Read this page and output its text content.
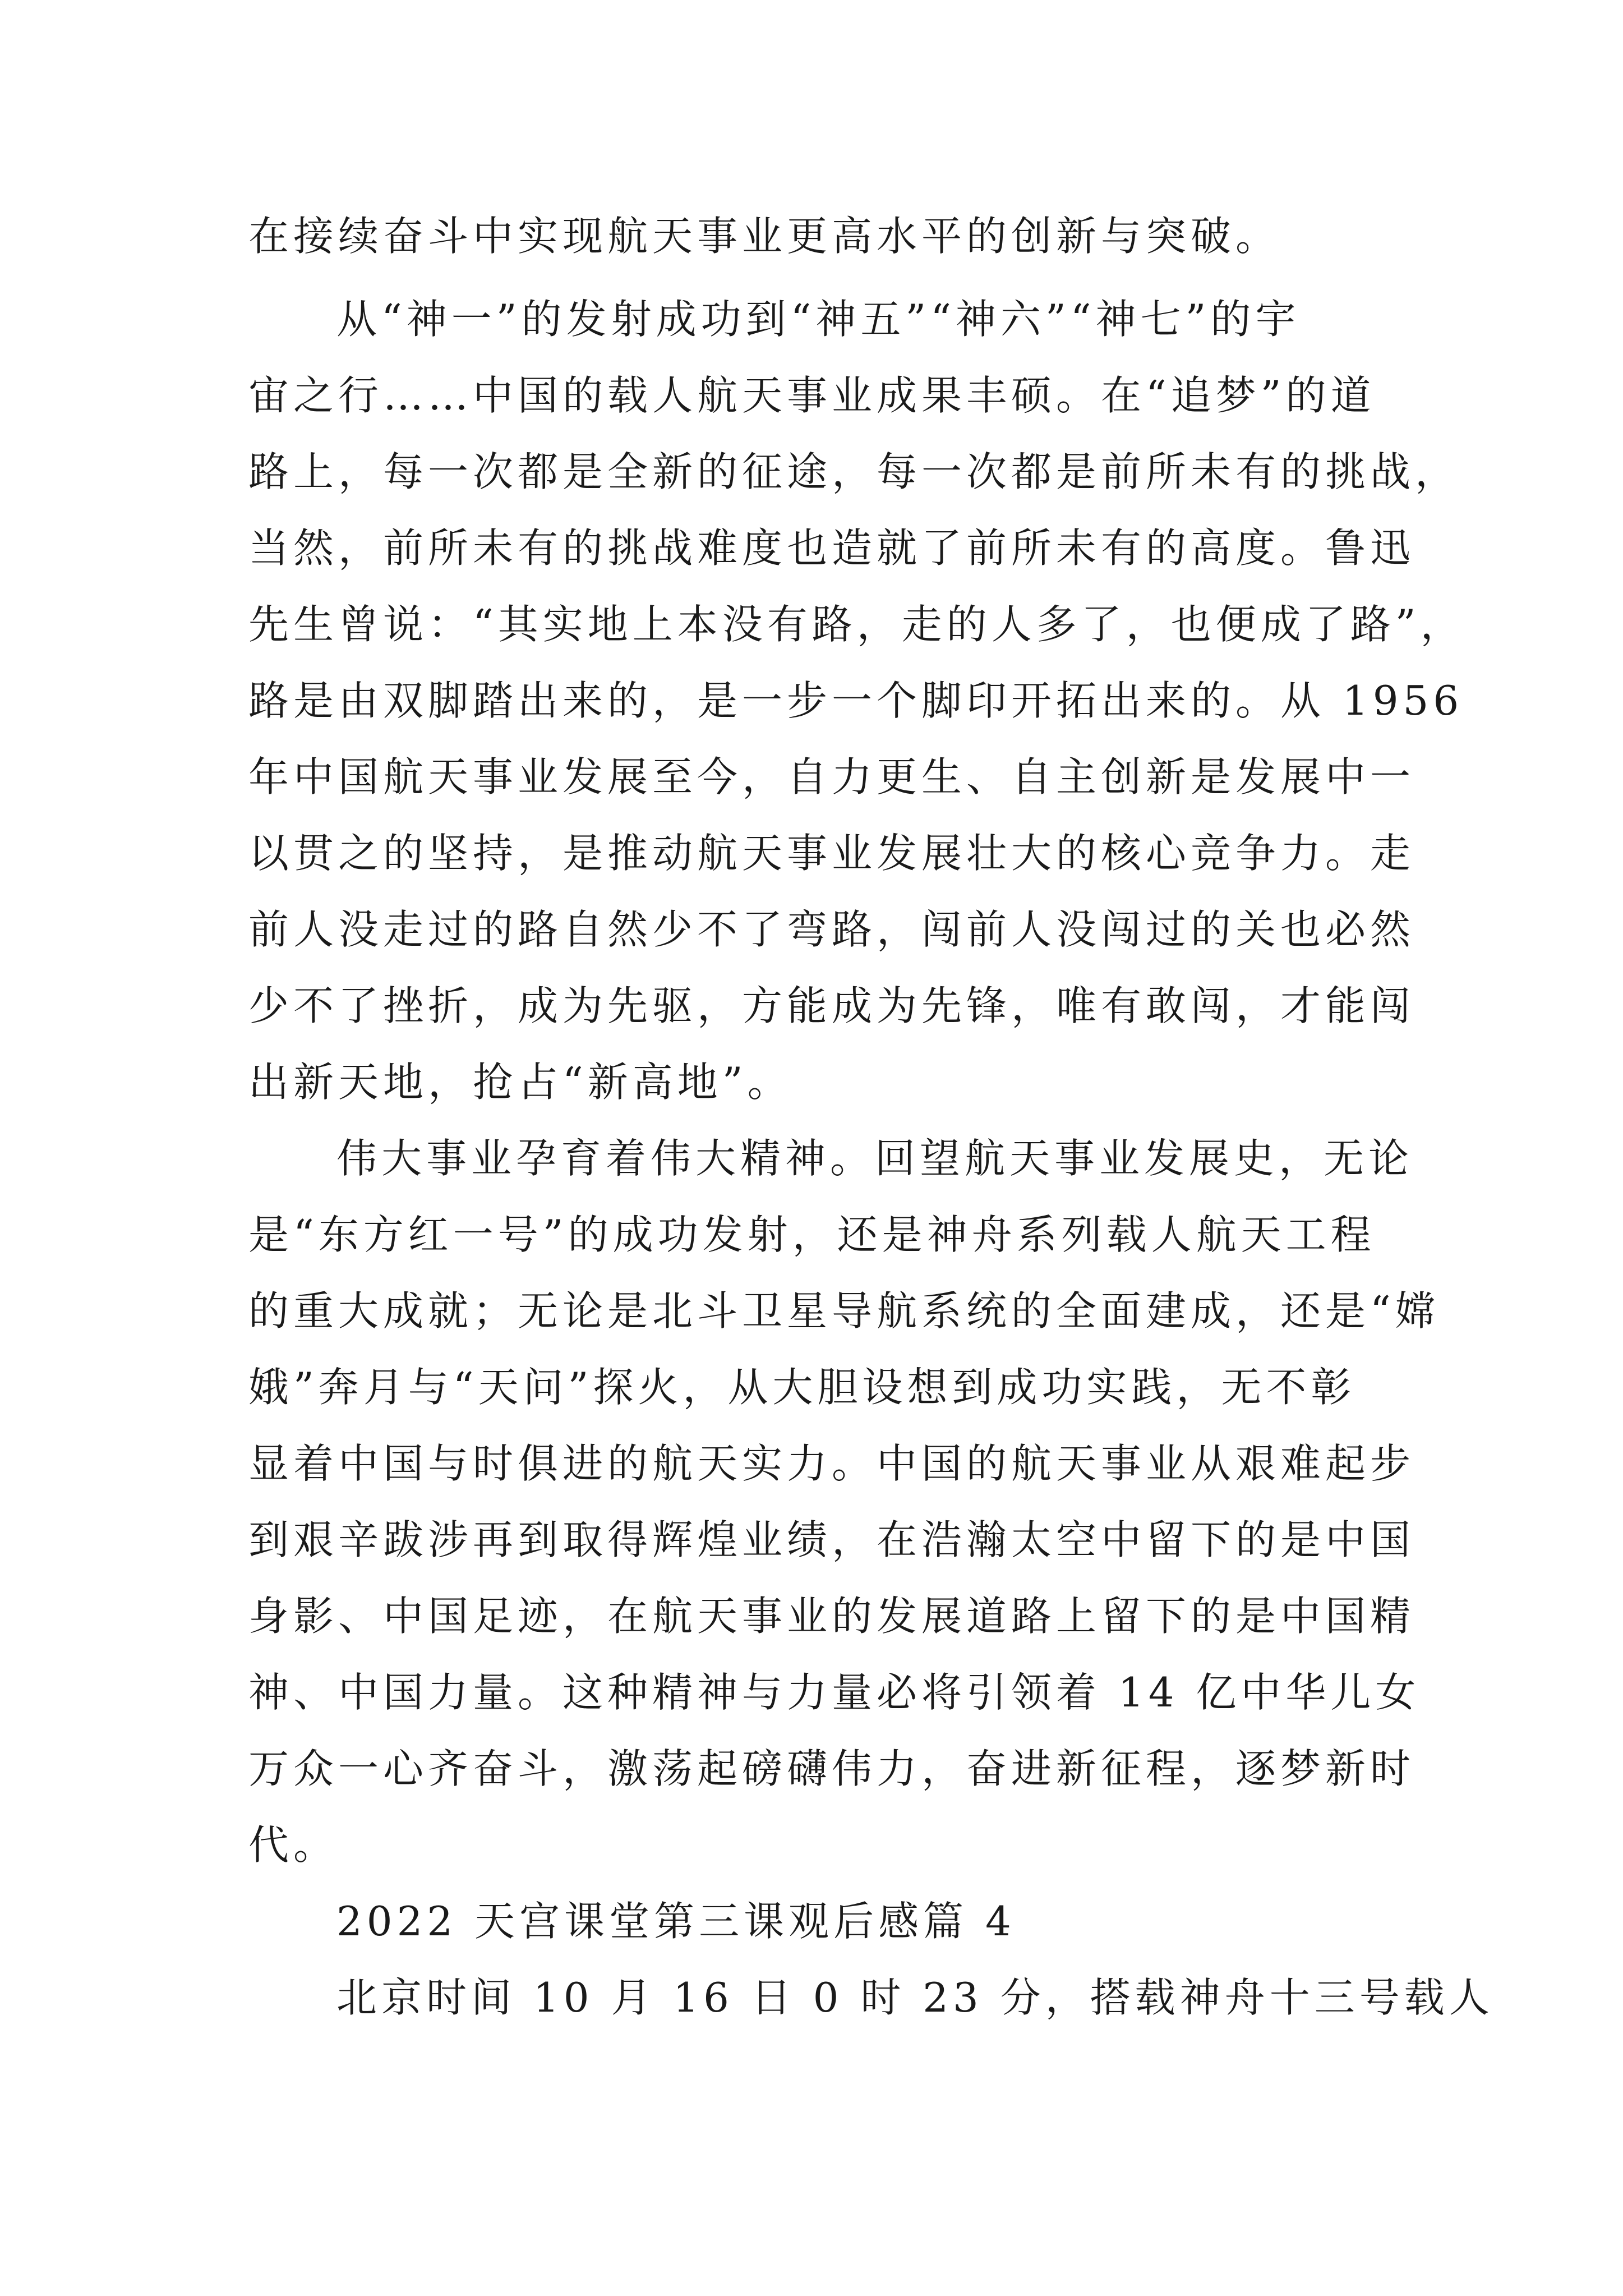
在接续奋斗中实现航天事业更高水平的创新与突破。

从“神一”的发射成功到“神五”“神六”“神七”的宇

宙之行……中国的载人航天事业成果丰硕。在“追梦”的道

路上，每一次都是全新的征途，每一次都是前所未有的挑战，

当然，前所未有的挑战难度也造就了前所未有的高度。鲁迅

先生曾说：“其实地上本没有路，走的人多了，也便成了路”，

路是由双脚踏出来的，是一步一个脚印开拓出来的。从 1956

年中国航天事业发展至今，自力更生、自主创新是发展中一

以贯之的坚持，是推动航天事业发展壮大的核心竞争力。走

前人没走过的路自然少不了弯路，闯前人没闯过的关也必然

少不了挫折，成为先驱，方能成为先锋，唯有敢闯，才能闯

出新天地，抢占“新高地”。

伟大事业孕育着伟大精神。回望航天事业发展史，无论

是“东方红一号”的成功发射，还是神舟系列载人航天工程

的重大成就；无论是北斗卫星导航系统的全面建成，还是“嫦

娥”奔月与“天问”探火，从大胆设想到成功实践，无不彰

显着中国与时俱进的航天实力。中国的航天事业从艰难起步

到艰辛跋涉再到取得辉煌业绩，在浩瀚太空中留下的是中国

身影、中国足迹，在航天事业的发展道路上留下的是中国精

神、中国力量。这种精神与力量必将引领着 14 亿中华儿女

万众一心齐奋斗，激荡起磅礴伟力，奋进新征程，逐梦新时

代。

2022 天宫课堂第三课观后感篇 4

北京时间 10 月 16 日 0 时 23 分，搭载神舟十三号载人
